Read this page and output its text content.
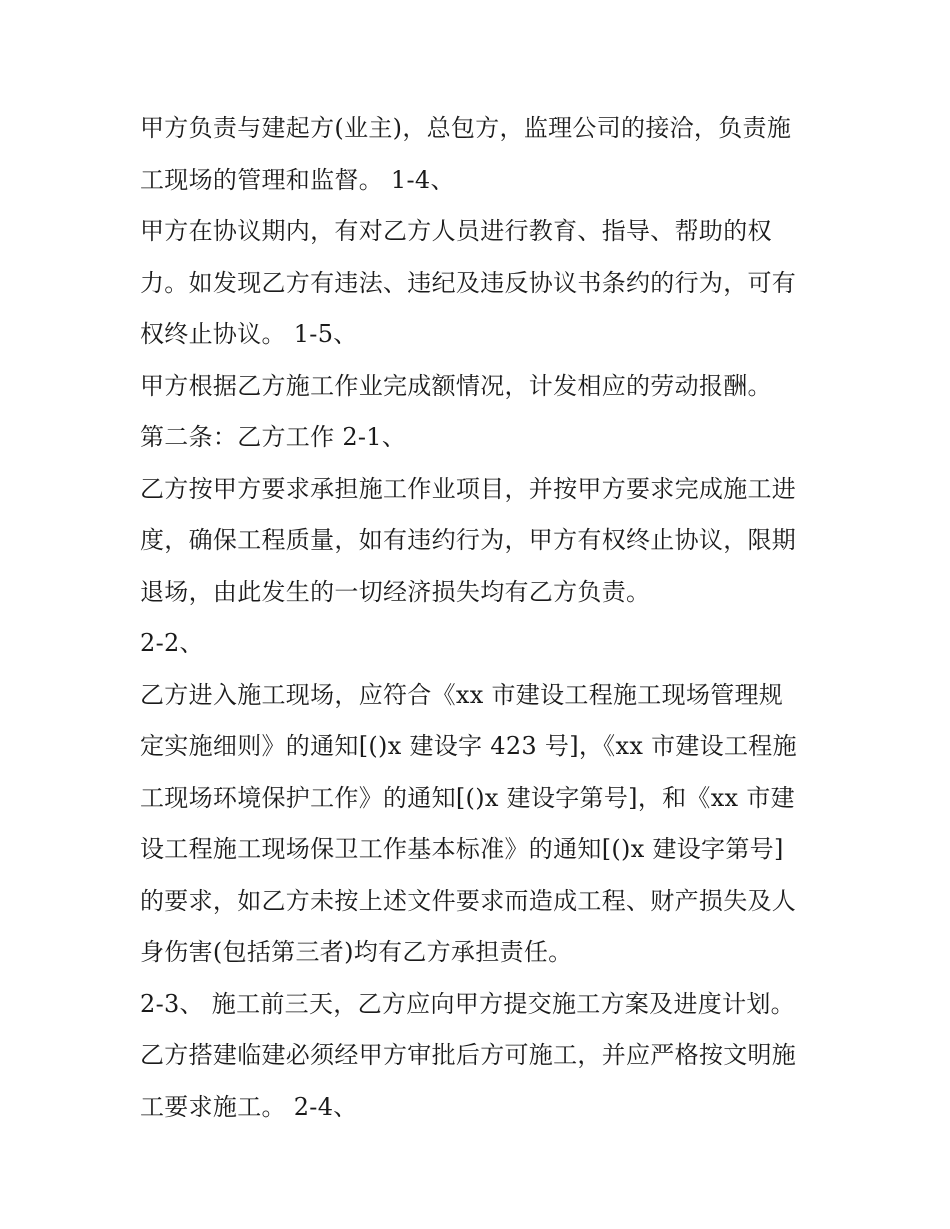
甲方负责与建起方(业主)，总包方，监理公司的接洽，负责施
工现场的管理和监督。 1-4、
甲方在协议期内，有对乙方人员进行教育、指导、帮助的权
力。如发现乙方有违法、违纪及违反协议书条约的行为，可有
权终止协议。 1-5、
甲方根据乙方施工作业完成额情况，计发相应的劳动报酬。
第二条：乙方工作 2-1、
乙方按甲方要求承担施工作业项目，并按甲方要求完成施工进
度，确保工程质量，如有违约行为，甲方有权终止协议，限期
退场，由此发生的一切经济损失均有乙方负责。
2-2、
乙方进入施工现场，应符合《xx 市建设工程施工现场管理规
定实施细则》的通知[()x 建设字 423 号]，《xx 市建设工程施
工现场环境保护工作》的通知[()x 建设字第号]，和《xx 市建
设工程施工现场保卫工作基本标准》的通知[()x 建设字第号]
的要求，如乙方未按上述文件要求而造成工程、财产损失及人
身伤害(包括第三者)均有乙方承担责任。
2-3、 施工前三天，乙方应向甲方提交施工方案及进度计划。
乙方搭建临建必须经甲方审批后方可施工，并应严格按文明施
工要求施工。 2-4、
